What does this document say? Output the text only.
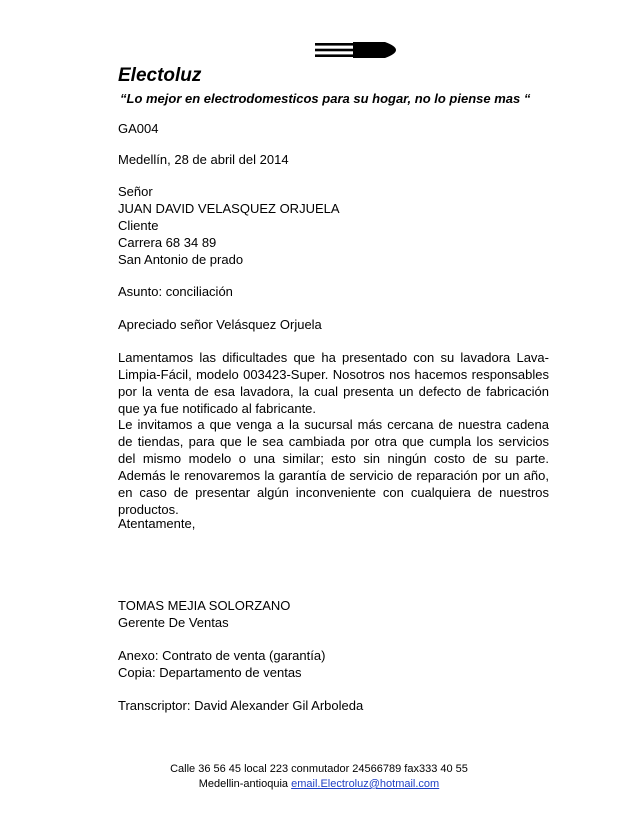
Electoluz
“Lo mejor en electrodomesticos para su hogar, no lo piense mas “
GA004
Medellín, 28 de abril del 2014
Señor
JUAN DAVID VELASQUEZ ORJUELA
Cliente
Carrera 68 34 89
San Antonio de prado
Asunto: conciliación
Apreciado señor Velásquez Orjuela

Lamentamos las dificultades que ha presentado con su lavadora Lava-Limpia-Fácil, modelo 003423-Super. Nosotros nos hacemos responsables por la venta de esa lavadora, la cual presenta un defecto de fabricación que ya fue notificado al fabricante.

Le invitamos a que venga a la sucursal más cercana de nuestra cadena de tiendas, para que le sea cambiada por otra que cumpla los servicios del mismo modelo o una similar; esto sin ningún costo de su parte. Además le renovaremos la garantía de servicio de reparación por un año, en caso de presentar algún inconveniente con cualquiera de nuestros productos.

Atentamente,
TOMAS MEJIA SOLORZANO
Gerente De Ventas
Anexo: Contrato de venta (garantía)
Copia: Departamento de ventas
Transcriptor: David Alexander Gil Arboleda
Calle 36 56 45 local 223 conmutador 24566789 fax333 40 55
Medellin-antioquia email.Electroluz@hotmail.com
